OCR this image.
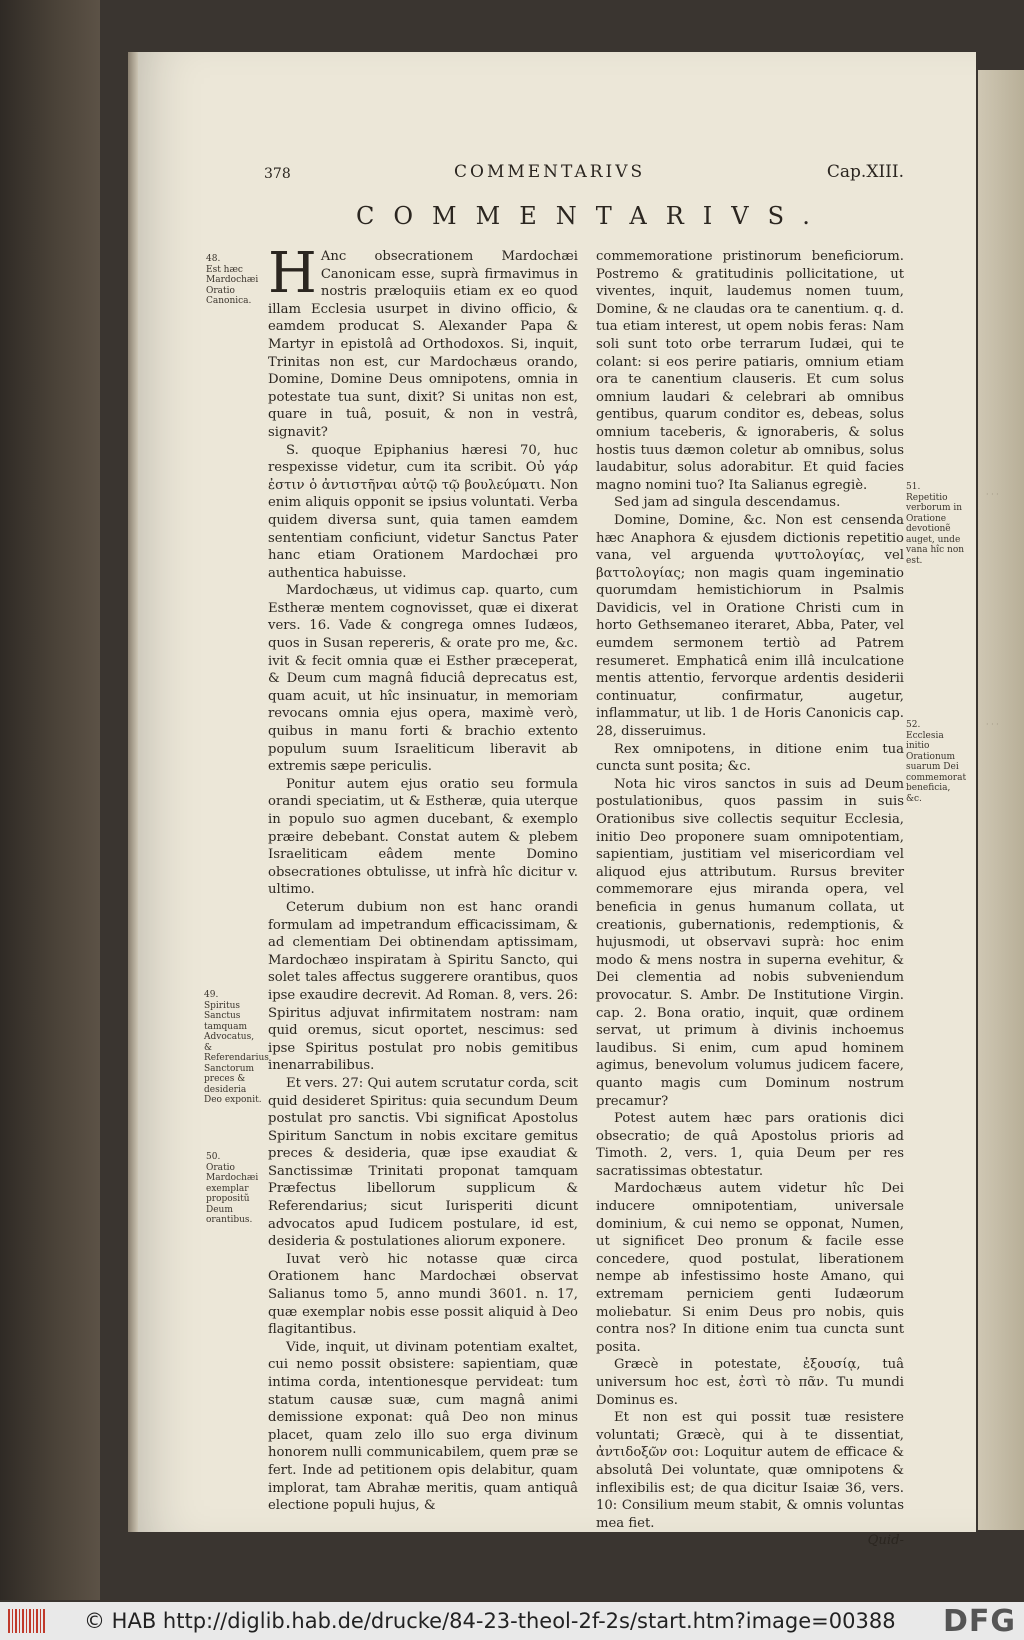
· · ·
· · ·
378	COMMENTARIVS	Cap.XIII.
COMMENTARIVS.
48.
Est hæc Mardochæi Oratio Canonica.
49.
Spiritus Sanctus tamquam Advocatus, & Referendarius Sanctorum preces & desideria Deo exponit.
50.
Oratio Mardochæi exemplar propositũ Deum orantibus.
51.
Repetitio verborum in Oratione devotionẽ auget, unde vana hîc non est.
52.
Ecclesia initio Orationum suarum Dei commemorat beneficia, &c.
H Anc obsecrationem Mardochæi Canonicam esse, suprà firmavimus in nostris præloquiis etiam ex eo quod illam Ecclesia usurpet in divino officio, & eamdem producat S. Alexander Papa & Martyr in epistolâ ad Orthodoxos. Si, inquit, Trinitas non est, cur Mardochæus orando, Domine, Domine Deus omnipotens, omnia in potestate tua sunt, dixit? Si unitas non est, quare in tuâ, posuit, & non in vestrâ, signavit?

S. quoque Epiphanius hæresi 70, huc respexisse videtur, cum ita scribit. Οὐ γάρ ἐστιν ὁ ἀντιστῆναι αὐτῷ τῷ βουλεύματι. Non enim aliquis opponit se ipsius voluntati. Verba quidem diversa sunt, quia tamen eamdem sententiam conficiunt, videtur Sanctus Pater hanc etiam Orationem Mardochæi pro authentica habuisse.

Mardochæus, ut vidimus cap. quarto, cum Estheræ mentem cognovisset, quæ ei dixerat vers. 16. Vade & congrega omnes Iudæos, quos in Susan repereris, & orate pro me, &c. ivit & fecit omnia quæ ei Esther præceperat, & Deum cum magnâ fiduciâ deprecatus est, quam acuit, ut hîc insinuatur, in memoriam revocans omnia ejus opera, maximè verò, quibus in manu forti & brachio extento populum suum Israeliticum liberavit ab extremis sæpe periculis.

Ponitur autem ejus oratio seu formula orandi speciatim, ut & Estheræ, quia uterque in populo suo agmen ducebant, & exemplo præire debebant. Constat autem & plebem Israeliticam eâdem mente Domino obsecrationes obtulisse, ut infrà hîc dicitur v. ultimo.

Ceterum dubium non est hanc orandi formulam ad impetrandum efficacissimam, & ad clementiam Dei obtinendam aptissimam, Mardochæo inspiratam à Spiritu Sancto, qui solet tales affectus suggerere orantibus, quos ipse exaudire decrevit. Ad Roman. 8, vers. 26: Spiritus adjuvat infirmitatem nostram: nam quid oremus, sicut oportet, nescimus: sed ipse Spiritus postulat pro nobis gemitibus inenarrabilibus.

Et vers. 27: Qui autem scrutatur corda, scit quid desideret Spiritus: quia secundum Deum postulat pro sanctis. Vbi significat Apostolus Spiritum Sanctum in nobis excitare gemitus preces & desideria, quæ ipse exaudiat & Sanctissimæ Trinitati proponat tamquam Præfectus libellorum supplicum & Referendarius; sicut Iurisperiti dicunt advocatos apud Iudicem postulare, id est, desideria & postulationes aliorum exponere.

Iuvat verò hic notasse quæ circa Orationem hanc Mardochæi observat Salianus tomo 5, anno mundi 3601. n. 17, quæ exemplar nobis esse possit aliquid à Deo flagitantibus.

Vide, inquit, ut divinam potentiam exaltet, cui nemo possit obsistere: sapientiam, quæ intima corda, intentionesque pervideat: tum statum causæ suæ, cum magnâ animi demissione exponat: quâ Deo non minus placet, quam zelo illo suo erga divinum honorem nulli communicabilem, quem præ se fert. Inde ad petitionem opis delabitur, quam implorat, tam Abrahæ meritis, quam antiquâ electione populi hujus, &

commemoratione pristinorum beneficiorum. Postremo & gratitudinis pollicitatione, ut viventes, inquit, laudemus nomen tuum, Domine, & ne claudas ora te canentium. q. d. tua etiam interest, ut opem nobis feras: Nam soli sunt toto orbe terrarum Iudæi, qui te colant: si eos perire patiaris, omnium etiam ora te canentium clauseris. Et cum solus omnium laudari & celebrari ab omnibus gentibus, quarum conditor es, debeas, solus omnium taceberis, & ignoraberis, & solus hostis tuus dæmon coletur ab omnibus, solus laudabitur, solus adorabitur. Et quid facies magno nomini tuo? Ita Salianus egregiè.

Sed jam ad singula descendamus.

Domine, Domine, &c. Non est censenda hæc Anaphora & ejusdem dictionis repetitio vana, vel arguenda ψυττολογίας, vel βαττολογίας; non magis quam ingeminatio quorumdam hemistichiorum in Psalmis Davidicis, vel in Oratione Christi cum in horto Gethsemaneo iteraret, Abba, Pater, vel eumdem sermonem tertiò ad Patrem resumeret. Emphaticâ enim illâ inculcatione mentis attentio, fervorque ardentis desiderii continuatur, confirmatur, augetur, inflammatur, ut lib. 1 de Horis Canonicis cap. 28, disseruimus.

Rex omnipotens, in ditione enim tua cuncta sunt posita; &c.

Nota hic viros sanctos in suis ad Deum postulationibus, quos passim in suis Orationibus sive collectis sequitur Ecclesia, initio Deo proponere suam omnipotentiam, sapientiam, justitiam vel misericordiam vel aliquod ejus attributum. Rursus breviter commemorare ejus miranda opera, vel beneficia in genus humanum collata, ut creationis, gubernationis, redemptionis, & hujusmodi, ut observavi suprà: hoc enim modo & mens nostra in superna evehitur, & Dei clementia ad nobis subveniendum provocatur. S. Ambr. De Institutione Virgin. cap. 2. Bona oratio, inquit, quæ ordinem servat, ut primum à divinis inchoemus laudibus. Si enim, cum apud hominem agimus, benevolum volumus judicem facere, quanto magis cum Dominum nostrum precamur?

Potest autem hæc pars orationis dici obsecratio; de quâ Apostolus prioris ad Timoth. 2, vers. 1, quia Deum per res sacratissimas obtestatur.

Mardochæus autem videtur hîc Dei inducere omnipotentiam, universale dominium, & cui nemo se opponat, Numen, ut significet Deo pronum & facile esse concedere, quod postulat, liberationem nempe ab infestissimo hoste Amano, qui extremam perniciem genti Iudæorum moliebatur. Si enim Deus pro nobis, quis contra nos? In ditione enim tua cuncta sunt posita.

Græcè in potestate, ἐξουσίᾳ, tuâ universum hoc est, ἐστὶ τὸ πᾶν. Tu mundi Dominus es.

Et non est qui possit tuæ resistere voluntati; Græcè, qui à te dissentiat, ἀντιδοξῶν σοι: Loquitur autem de efficace & absolutâ Dei voluntate, quæ omnipotens & inflexibilis est; de qua dicitur Isaiæ 36, vers. 10: Consilium meum stabit, & omnis voluntas mea fiet.

Quid-

© HAB http://diglib.hab.de/drucke/84-23-theol-2f-2s/start.htm?image=00388 DFG
